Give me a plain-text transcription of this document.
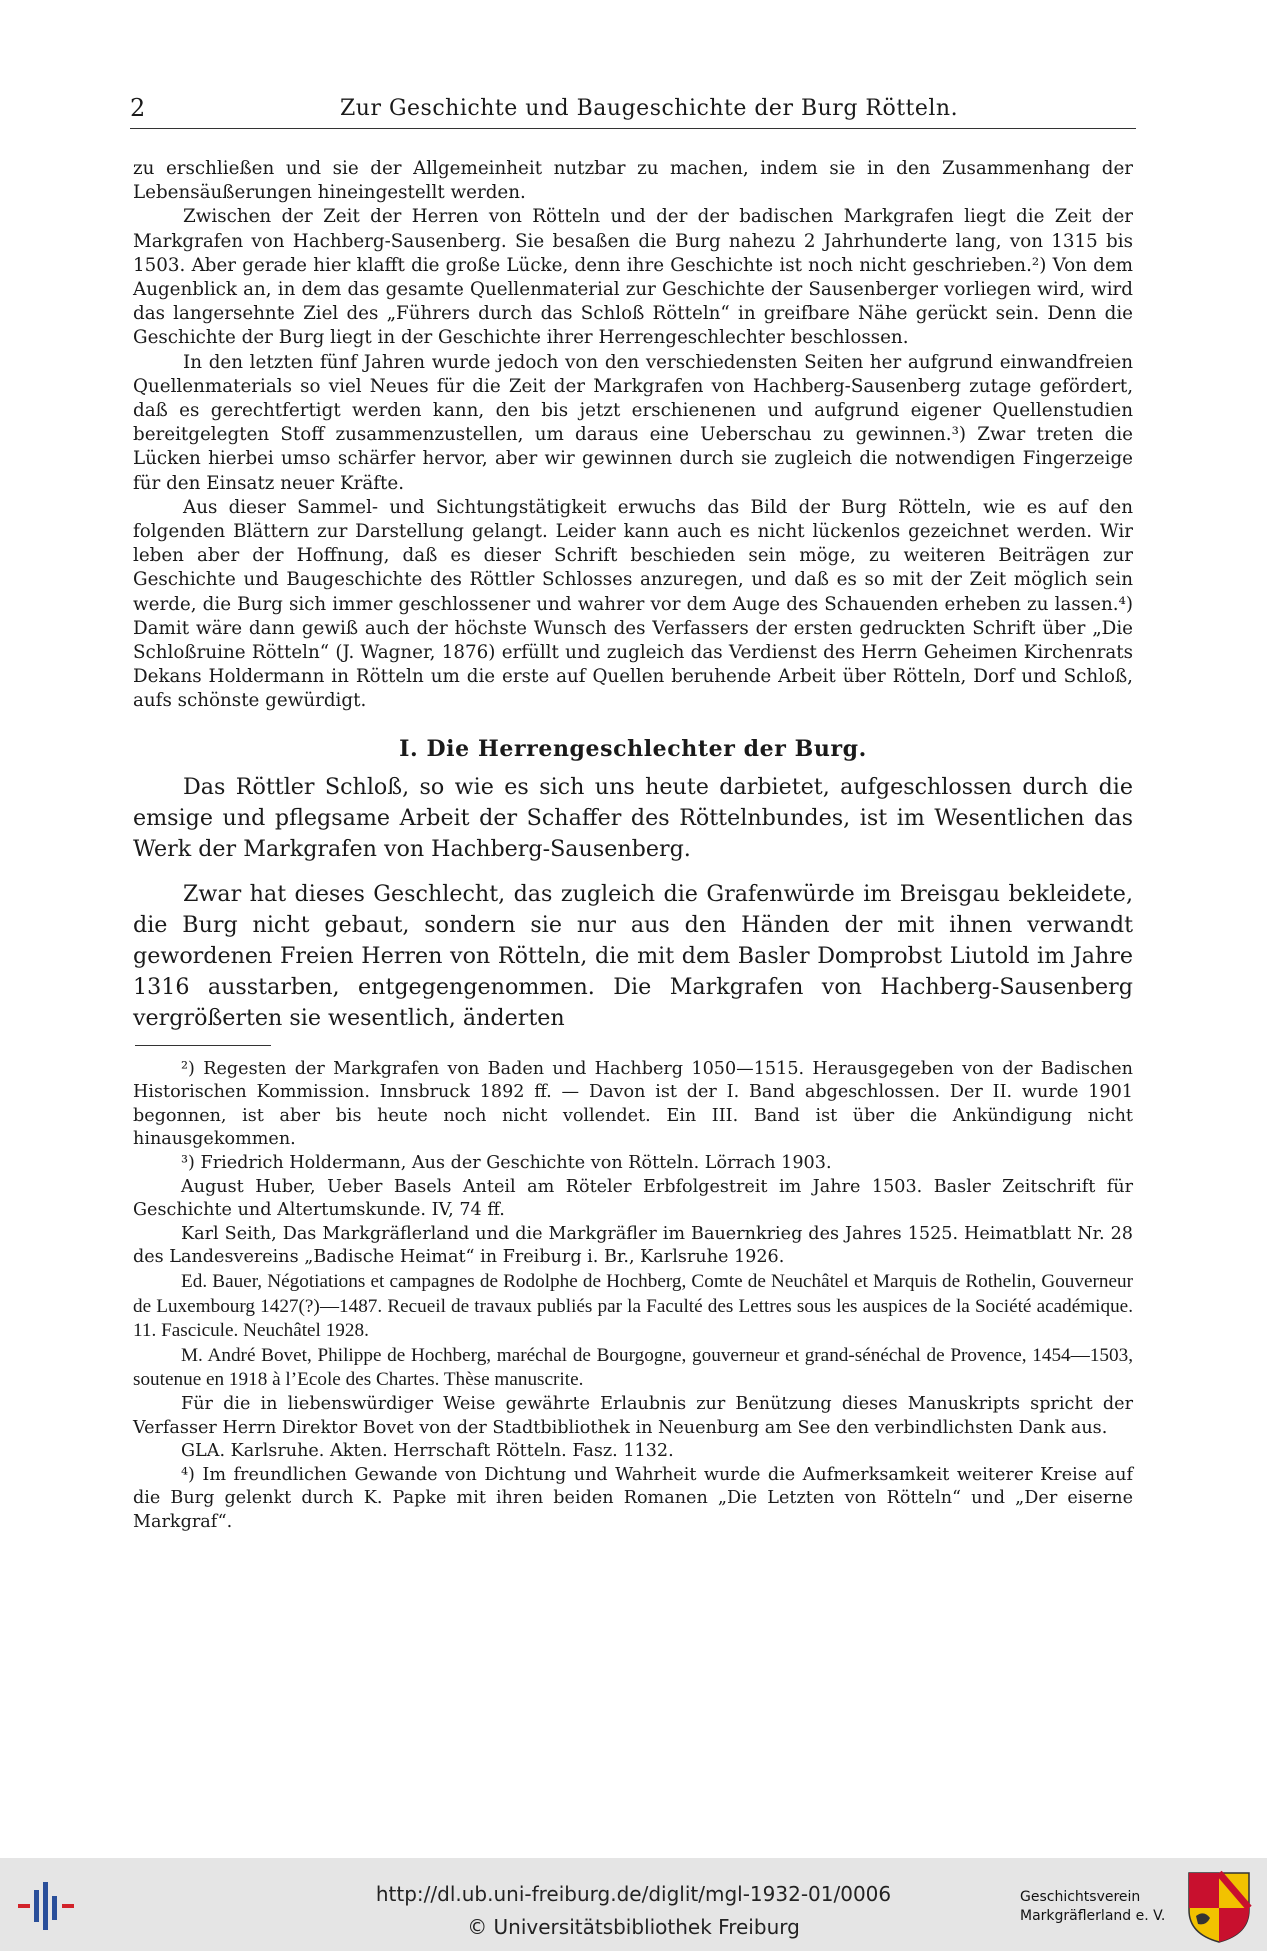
2	Zur Geschichte und Baugeschichte der Burg Rötteln.

zu erschließen und sie der Allgemeinheit nutzbar zu machen, indem sie in den Zusammenhang der Lebensäußerungen hineingestellt werden.

Zwischen der Zeit der Herren von Rötteln und der der badischen Markgrafen liegt die Zeit der Markgrafen von Hachberg-Sausenberg. Sie besaßen die Burg nahezu 2 Jahrhunderte lang, von 1315 bis 1503. Aber gerade hier klafft die große Lücke, denn ihre Geschichte ist noch nicht geschrieben.²) Von dem Augenblick an, in dem das gesamte Quellenmaterial zur Geschichte der Sausenberger vorliegen wird, wird das langersehnte Ziel des „Führers durch das Schloß Rötteln“ in greifbare Nähe gerückt sein. Denn die Geschichte der Burg liegt in der Geschichte ihrer Herrengeschlechter beschlossen.

In den letzten fünf Jahren wurde jedoch von den verschiedensten Seiten her aufgrund einwandfreien Quellenmaterials so viel Neues für die Zeit der Markgrafen von Hachberg-Sausenberg zutage gefördert, daß es gerechtfertigt werden kann, den bis jetzt erschienenen und aufgrund eigener Quellenstudien bereitgelegten Stoff zusammenzustellen, um daraus eine Ueberschau zu gewinnen.³) Zwar treten die Lücken hierbei umso schärfer hervor, aber wir gewinnen durch sie zugleich die notwendigen Fingerzeige für den Einsatz neuer Kräfte.

Aus dieser Sammel- und Sichtungstätigkeit erwuchs das Bild der Burg Rötteln, wie es auf den folgenden Blättern zur Darstellung gelangt. Leider kann auch es nicht lückenlos gezeichnet werden. Wir leben aber der Hoffnung, daß es dieser Schrift beschieden sein möge, zu weiteren Beiträgen zur Geschichte und Baugeschichte des Röttler Schlosses anzuregen, und daß es so mit der Zeit möglich sein werde, die Burg sich immer geschlossener und wahrer vor dem Auge des Schauenden erheben zu lassen.⁴) Damit wäre dann gewiß auch der höchste Wunsch des Verfassers der ersten gedruckten Schrift über „Die Schloßruine Rötteln“ (J. Wagner, 1876) erfüllt und zugleich das Verdienst des Herrn Geheimen Kirchenrats Dekans Holdermann in Rötteln um die erste auf Quellen beruhende Arbeit über Rötteln, Dorf und Schloß, aufs schönste gewürdigt.

I. Die Herrengeschlechter der Burg.

Das Röttler Schloß, so wie es sich uns heute darbietet, aufgeschlossen durch die emsige und pflegsame Arbeit der Schaffer des Röttelnbundes, ist im Wesentlichen das Werk der Markgrafen von Hachberg-Sausenberg.

Zwar hat dieses Geschlecht, das zugleich die Grafenwürde im Breisgau bekleidete, die Burg nicht gebaut, sondern sie nur aus den Händen der mit ihnen verwandt gewordenen Freien Herren von Rötteln, die mit dem Basler Domprobst Liutold im Jahre 1316 ausstarben, entgegengenommen. Die Markgrafen von Hachberg-Sausenberg vergrößerten sie wesentlich, änderten

²) Regesten der Markgrafen von Baden und Hachberg 1050—1515. Herausgegeben von der Badischen Historischen Kommission. Innsbruck 1892 ff. — Davon ist der I. Band abgeschlossen. Der II. wurde 1901 begonnen, ist aber bis heute noch nicht vollendet. Ein III. Band ist über die Ankündigung nicht hinausgekommen.

³) Friedrich Holdermann, Aus der Geschichte von Rötteln. Lörrach 1903.

August Huber, Ueber Basels Anteil am Röteler Erbfolgestreit im Jahre 1503. Basler Zeitschrift für Geschichte und Altertumskunde. IV, 74 ff.

Karl Seith, Das Markgräflerland und die Markgräfler im Bauernkrieg des Jahres 1525. Heimatblatt Nr. 28 des Landesvereins „Badische Heimat“ in Freiburg i. Br., Karlsruhe 1926.

Ed. Bauer, Négotiations et campagnes de Rodolphe de Hochberg, Comte de Neuchâtel et Marquis de Rothelin, Gouverneur de Luxembourg 1427(?)—1487. Recueil de travaux publiés par la Faculté des Lettres sous les auspices de la Société académique. 11. Fascicule. Neuchâtel 1928.

M. André Bovet, Philippe de Hochberg, maréchal de Bourgogne, gouverneur et grand-sénéchal de Provence, 1454—1503, soutenue en 1918 à l’Ecole des Chartes. Thèse manuscrite.

Für die in liebenswürdiger Weise gewährte Erlaubnis zur Benützung dieses Manuskripts spricht der Verfasser Herrn Direktor Bovet von der Stadtbibliothek in Neuenburg am See den verbindlichsten Dank aus.

GLA. Karlsruhe. Akten. Herrschaft Rötteln. Fasz. 1132.

⁴) Im freundlichen Gewande von Dichtung und Wahrheit wurde die Aufmerksamkeit weiterer Kreise auf die Burg gelenkt durch K. Papke mit ihren beiden Romanen „Die Letzten von Rötteln“ und „Der eiserne Markgraf“.

http://dl.ub.uni-freiburg.de/diglit/mgl-1932-01/0006
© Universitätsbibliothek Freiburg
Geschichtsverein
Markgräflerland e. V.
